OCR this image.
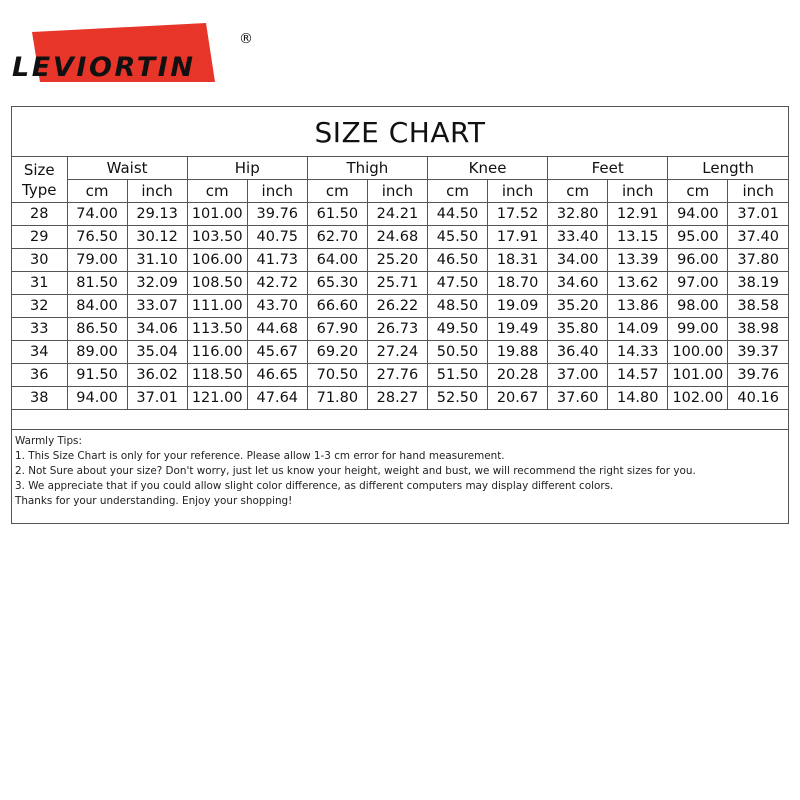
LEVIORTIN
®
SIZE CHART
Size
Type	Waist		Hip		Thigh		Knee		Feet		Length	
	cm	inch	cm	inch	cm	inch	cm	inch	cm	inch	cm	inch
28	74.00	29.13	101.00	39.76	61.50	24.21	44.50	17.52	32.80	12.91	94.00	37.01
29	76.50	30.12	103.50	40.75	62.70	24.68	45.50	17.91	33.40	13.15	95.00	37.40
30	79.00	31.10	106.00	41.73	64.00	25.20	46.50	18.31	34.00	13.39	96.00	37.80
31	81.50	32.09	108.50	42.72	65.30	25.71	47.50	18.70	34.60	13.62	97.00	38.19
32	84.00	33.07	111.00	43.70	66.60	26.22	48.50	19.09	35.20	13.86	98.00	38.58
33	86.50	34.06	113.50	44.68	67.90	26.73	49.50	19.49	35.80	14.09	99.00	38.98
34	89.00	35.04	116.00	45.67	69.20	27.24	50.50	19.88	36.40	14.33	100.00	39.37
36	91.50	36.02	118.50	46.65	70.50	27.76	51.50	20.28	37.00	14.57	101.00	39.76
38	94.00	37.01	121.00	47.64	71.80	28.27	52.50	20.67	37.60	14.80	102.00	40.16
Warmly Tips:
1. This Size Chart is only for your reference. Please allow 1-3 cm error for hand measurement.
2. Not Sure about your size? Don't worry, just let us know your height, weight and bust, we will recommend the right sizes for you.
3. We appreciate that if you could allow slight color difference, as different computers may display different colors.
Thanks for your understanding. Enjoy your shopping!
